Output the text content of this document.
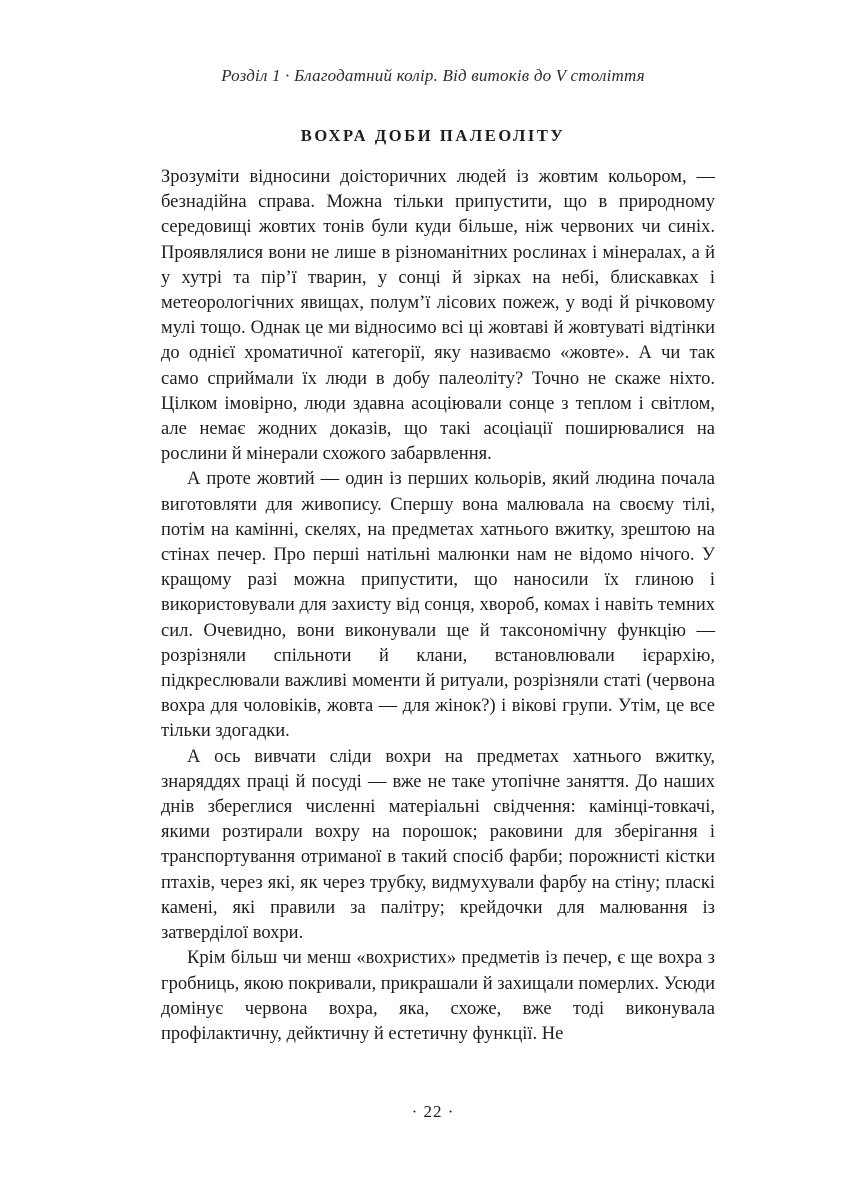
Розділ 1 · Благодатний колір. Від витоків до V століття
ВОХРА ДОБИ ПАЛЕОЛІТУ

Зрозуміти відносини доісторичних людей із жовтим кольором, — безнадійна справа. Можна тільки припустити, що в природному середовищі жовтих тонів були куди більше, ніж червоних чи синіх. Проявлялися вони не лише в різноманітних рослинах і мінералах, а й у хутрі та пір’ї тварин, у сонці й зірках на небі, блискавках і метеорологічних явищах, полум’ї лісових пожеж, у воді й річковому мулі тощо. Однак це ми відносимо всі ці жовтаві й жовтуваті відтінки до однієї хроматичної категорії, яку називаємо «жовте». А чи так само сприймали їх люди в добу палеоліту? Точно не скаже ніхто. Цілком імовірно, люди здавна асоціювали сонце з теплом і світлом, але немає жодних доказів, що такі асоціації поширювалися на рослини й мінерали схожого забарвлення.

А проте жовтий — один із перших кольорів, який людина почала виготовляти для живопису. Спершу вона малювала на своєму тілі, потім на камінні, скелях, на предметах хатнього вжитку, зрештою на стінах печер. Про перші натільні малюнки нам не відомо нічого. У кращому разі можна припустити, що наносили їх глиною і використовували для захисту від сонця, хвороб, комах і навіть темних сил. Очевидно, вони виконували ще й таксономічну функцію — розрізняли спільноти й клани, встановлювали ієрархію, підкреслювали важливі моменти й ритуали, розрізняли статі (червона вохра для чоловіків, жовта — для жінок?) і вікові групи. Утім, це все тільки здогадки.

А ось вивчати сліди вохри на предметах хатнього вжитку, знаряддях праці й посуді — вже не таке утопічне заняття. До наших днів збереглися численні матеріальні свідчення: камінці-товкачі, якими розтирали вохру на порошок; раковини для зберігання і транспортування отриманої в такий спосіб фарби; порожнисті кістки птахів, через які, як через трубку, видмухували фарбу на стіну; пласкі камені, які правили за палітру; крейдочки для малювання із затверділої вохри.

Крім більш чи менш «вохристих» предметів із печер, є ще вохра з гробниць, якою покривали, прикрашали й захищали померлих. Усюди домінує червона вохра, яка, схоже, вже тоді виконувала профілактичну, дейктичну й естетичну функції. Не

· 22 ·
